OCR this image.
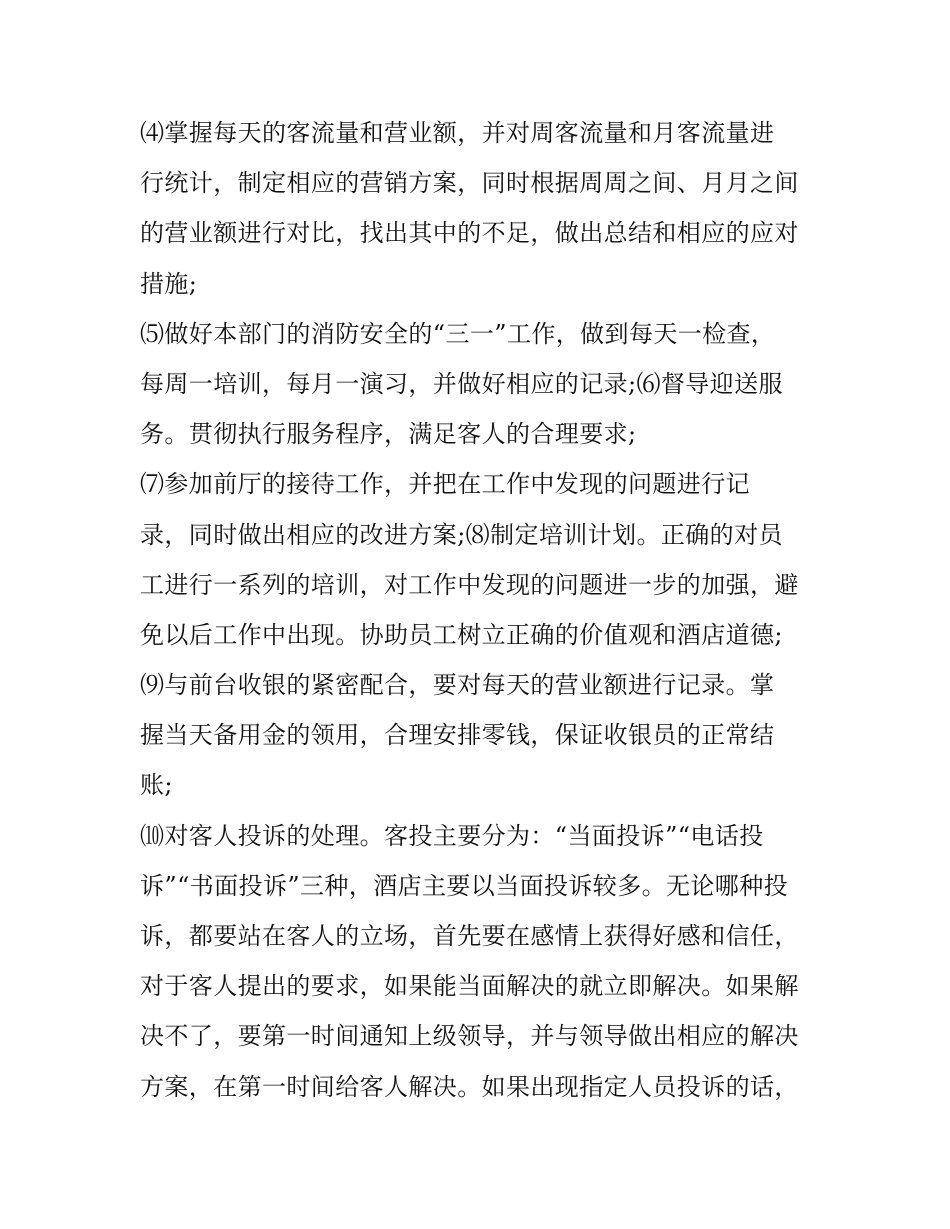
⑷掌握每天的客流量和营业额，并对周客流量和月客流量进
行统计，制定相应的营销方案，同时根据周周之间、月月之间
的营业额进行对比，找出其中的不足，做出总结和相应的应对
措施;
⑸做好本部门的消防安全的“三一”工作，做到每天一检查，
每周一培训，每月一演习，并做好相应的记录;⑹督导迎送服
务。贯彻执行服务程序，满足客人的合理要求;
⑺参加前厅的接待工作，并把在工作中发现的问题进行记
录，同时做出相应的改进方案;⑻制定培训计划。正确的对员
工进行一系列的培训，对工作中发现的问题进一步的加强，避
免以后工作中出现。协助员工树立正确的价值观和酒店道德;
⑼与前台收银的紧密配合，要对每天的营业额进行记录。掌
握当天备用金的领用，合理安排零钱，保证收银员的正常结
账;
⑽对客人投诉的处理。客投主要分为：“当面投诉”“电话投
诉”“书面投诉”三种，酒店主要以当面投诉较多。无论哪种投
诉，都要站在客人的立场，首先要在感情上获得好感和信任，
对于客人提出的要求，如果能当面解决的就立即解决。如果解
决不了，要第一时间通知上级领导，并与领导做出相应的解决
方案，在第一时间给客人解决。如果出现指定人员投诉的话，
